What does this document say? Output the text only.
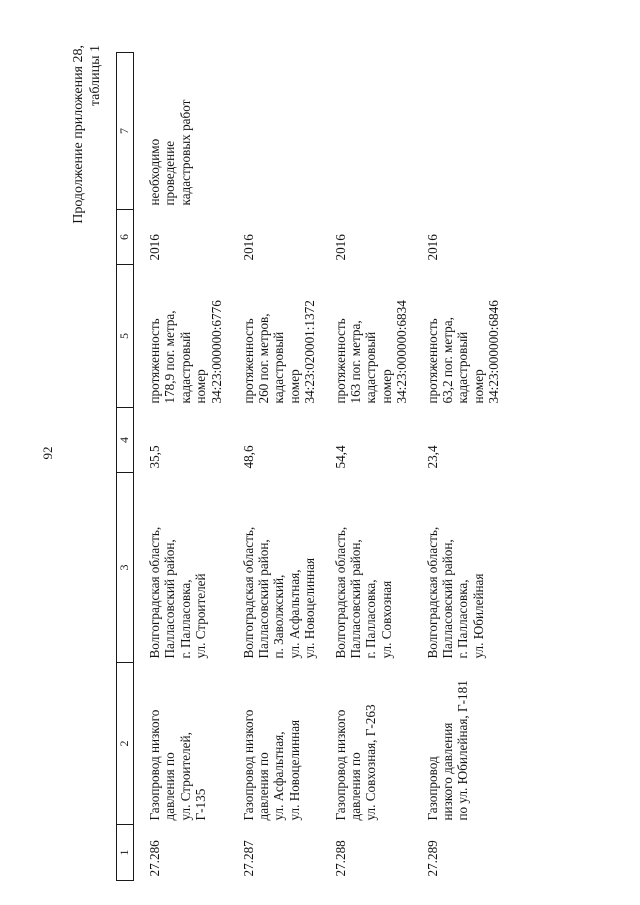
92
Продолжение приложения 28, таблицы 1
1	2	3	4	5	6	7
27.286	Газопровод низкого
давления по
ул. Строителей,
Г-135	Волгоградская область,
Палласовский район,
г. Палласовка,
ул. Строителей	35,5	протяженность
178,9 пог. метра,
кадастровый
номер
34:23:000000:6776	2016	необходимо
проведение
кадастровых работ
27.287	Газопровод низкого
давления по
ул. Асфальтная,
ул. Новоцелинная	Волгоградская область,
Палласовский район,
п. Заволжский,
ул. Асфальтная,
ул. Новоцелинная	48,6	протяженность
260 пог. метров,
кадастровый
номер
34:23:020001:1372	2016	
27.288	Газопровод низкого
давления по
ул. Совхозная, Г-263	Волгоградская область,
Палласовский район,
г. Палласовка,
ул. Совхозная	54,4	протяженность
163 пог. метра,
кадастровый
номер
34:23:000000:6834	2016	
27.289	Газопровод
низкого давления
по ул. Юбилейная, Г-181	Волгоградская область,
Палласовский район,
г. Палласовка,
ул. Юбилейная	23,4	протяженность
63,2 пог. метра,
кадастровый
номер
34:23:000000:6846	2016	
